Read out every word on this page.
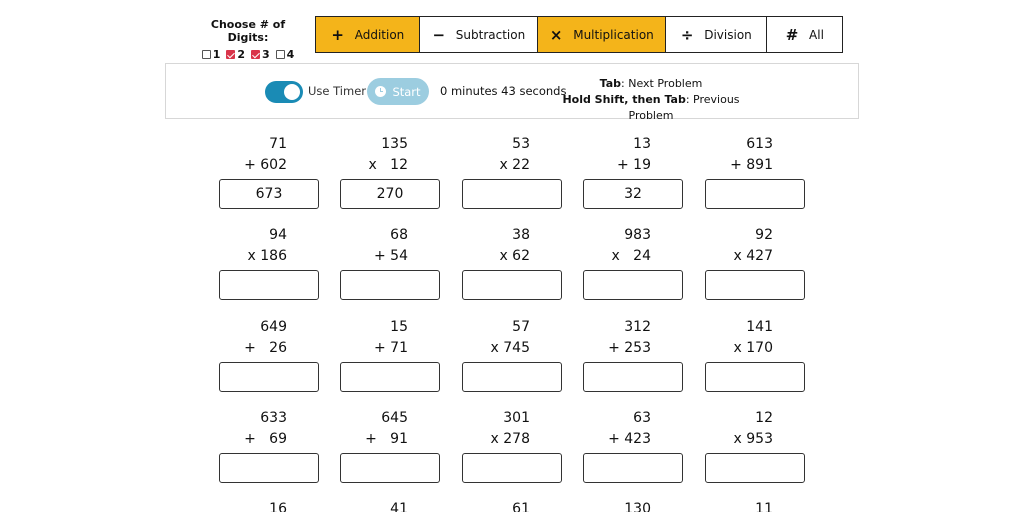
Choose # of Digits:
1 2 3 4
+ Addition − Subtraction × Multiplication ÷ Division # All
Use Timer Start 0 minutes 43 seconds
Tab: Next Problem
Hold Shift, then Tab: Previous Problem
71
+ 602
673
135
x   12
270
53
x 22
13
+ 19
32
613
+ 891
94
x 186
68
+ 54
38
x 62
983
x   24
92
x 427
649
+   26
15
+ 71
57
x 745
312
+ 253
141
x 170
633
+   69
645
+   91
301
x 278
63
+ 423
12
x 953
16	41	61	130	11
